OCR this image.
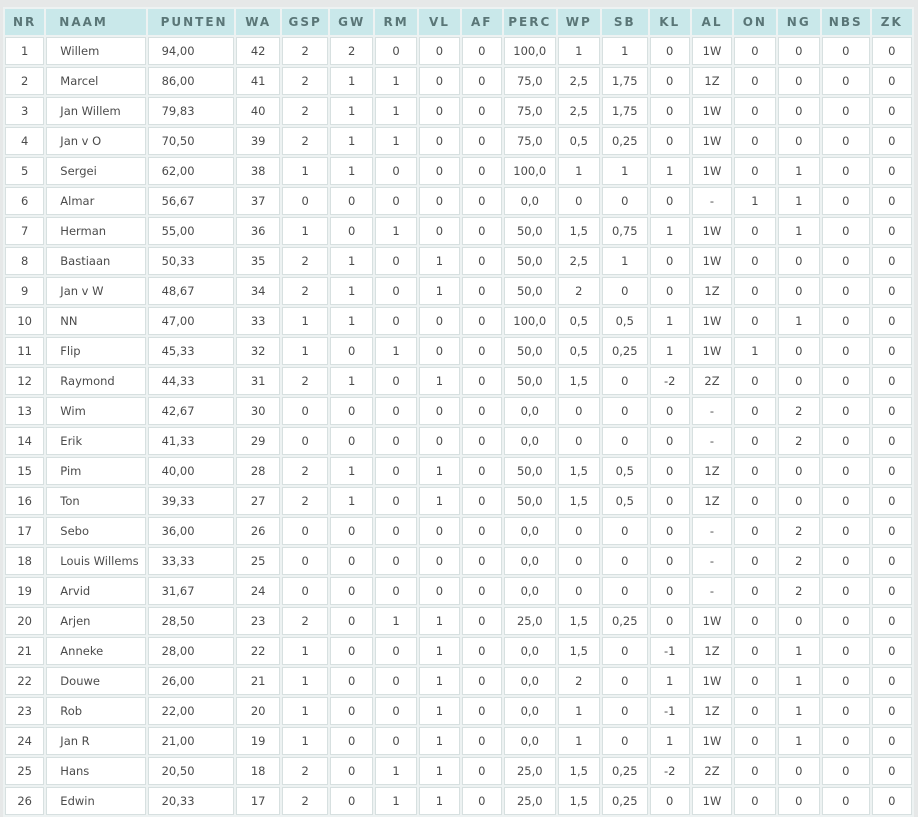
NR	NAAM	PUNTEN	WA	GSP	GW	RM	VL	AF	PERC	WP	SB	KL	AL	ON	NG	NBS	ZK
1	Willem	94,00	42	2	2	0	0	0	100,0	1	1	0	1W	0	0	0	0
2	Marcel	86,00	41	2	1	1	0	0	75,0	2,5	1,75	0	1Z	0	0	0	0
3	Jan Willem	79,83	40	2	1	1	0	0	75,0	2,5	1,75	0	1W	0	0	0	0
4	Jan v O	70,50	39	2	1	1	0	0	75,0	0,5	0,25	0	1W	0	0	0	0
5	Sergei	62,00	38	1	1	0	0	0	100,0	1	1	1	1W	0	1	0	0
6	Almar	56,67	37	0	0	0	0	0	0,0	0	0	0	-	1	1	0	0
7	Herman	55,00	36	1	0	1	0	0	50,0	1,5	0,75	1	1W	0	1	0	0
8	Bastiaan	50,33	35	2	1	0	1	0	50,0	2,5	1	0	1W	0	0	0	0
9	Jan v W	48,67	34	2	1	0	1	0	50,0	2	0	0	1Z	0	0	0	0
10	NN	47,00	33	1	1	0	0	0	100,0	0,5	0,5	1	1W	0	1	0	0
11	Flip	45,33	32	1	0	1	0	0	50,0	0,5	0,25	1	1W	1	0	0	0
12	Raymond	44,33	31	2	1	0	1	0	50,0	1,5	0	-2	2Z	0	0	0	0
13	Wim	42,67	30	0	0	0	0	0	0,0	0	0	0	-	0	2	0	0
14	Erik	41,33	29	0	0	0	0	0	0,0	0	0	0	-	0	2	0	0
15	Pim	40,00	28	2	1	0	1	0	50,0	1,5	0,5	0	1Z	0	0	0	0
16	Ton	39,33	27	2	1	0	1	0	50,0	1,5	0,5	0	1Z	0	0	0	0
17	Sebo	36,00	26	0	0	0	0	0	0,0	0	0	0	-	0	2	0	0
18	Louis Willems	33,33	25	0	0	0	0	0	0,0	0	0	0	-	0	2	0	0
19	Arvid	31,67	24	0	0	0	0	0	0,0	0	0	0	-	0	2	0	0
20	Arjen	28,50	23	2	0	1	1	0	25,0	1,5	0,25	0	1W	0	0	0	0
21	Anneke	28,00	22	1	0	0	1	0	0,0	1,5	0	-1	1Z	0	1	0	0
22	Douwe	26,00	21	1	0	0	1	0	0,0	2	0	1	1W	0	1	0	0
23	Rob	22,00	20	1	0	0	1	0	0,0	1	0	-1	1Z	0	1	0	0
24	Jan R	21,00	19	1	0	0	1	0	0,0	1	0	1	1W	0	1	0	0
25	Hans	20,50	18	2	0	1	1	0	25,0	1,5	0,25	-2	2Z	0	0	0	0
26	Edwin	20,33	17	2	0	1	1	0	25,0	1,5	0,25	0	1W	0	0	0	0
